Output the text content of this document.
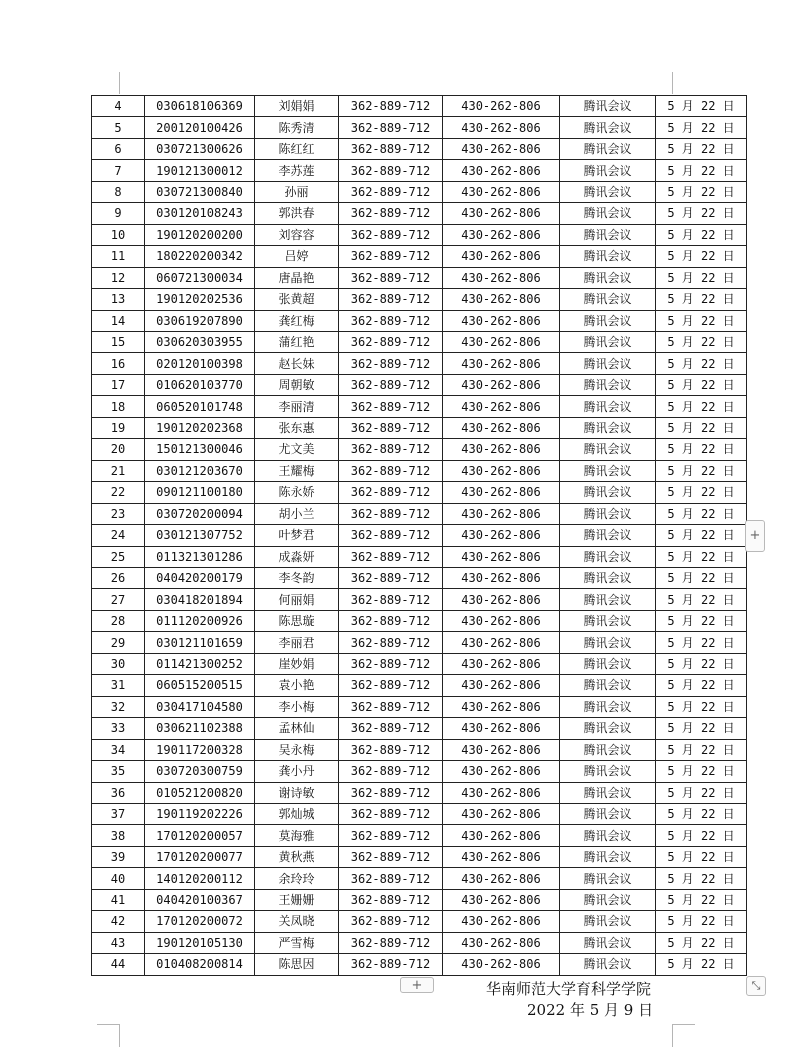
4	030618106369	刘娟娟	362-889-712	430-262-806	腾讯会议	5 月 22 日
5	200120100426	陈秀清	362-889-712	430-262-806	腾讯会议	5 月 22 日
6	030721300626	陈红红	362-889-712	430-262-806	腾讯会议	5 月 22 日
7	190121300012	李苏莲	362-889-712	430-262-806	腾讯会议	5 月 22 日
8	030721300840	孙丽	362-889-712	430-262-806	腾讯会议	5 月 22 日
9	030120108243	郭洪春	362-889-712	430-262-806	腾讯会议	5 月 22 日
10	190120200200	刘容容	362-889-712	430-262-806	腾讯会议	5 月 22 日
11	180220200342	吕婷	362-889-712	430-262-806	腾讯会议	5 月 22 日
12	060721300034	唐晶艳	362-889-712	430-262-806	腾讯会议	5 月 22 日
13	190120202536	张黄超	362-889-712	430-262-806	腾讯会议	5 月 22 日
14	030619207890	龚红梅	362-889-712	430-262-806	腾讯会议	5 月 22 日
15	030620303955	蒲红艳	362-889-712	430-262-806	腾讯会议	5 月 22 日
16	020120100398	赵长妹	362-889-712	430-262-806	腾讯会议	5 月 22 日
17	010620103770	周朝敏	362-889-712	430-262-806	腾讯会议	5 月 22 日
18	060520101748	李丽清	362-889-712	430-262-806	腾讯会议	5 月 22 日
19	190120202368	张东惠	362-889-712	430-262-806	腾讯会议	5 月 22 日
20	150121300046	尤文美	362-889-712	430-262-806	腾讯会议	5 月 22 日
21	030121203670	王耀梅	362-889-712	430-262-806	腾讯会议	5 月 22 日
22	090121100180	陈永娇	362-889-712	430-262-806	腾讯会议	5 月 22 日
23	030720200094	胡小兰	362-889-712	430-262-806	腾讯会议	5 月 22 日
24	030121307752	叶梦君	362-889-712	430-262-806	腾讯会议	5 月 22 日
25	011321301286	成淼妍	362-889-712	430-262-806	腾讯会议	5 月 22 日
26	040420200179	李冬韵	362-889-712	430-262-806	腾讯会议	5 月 22 日
27	030418201894	何丽娟	362-889-712	430-262-806	腾讯会议	5 月 22 日
28	011120200926	陈思璇	362-889-712	430-262-806	腾讯会议	5 月 22 日
29	030121101659	李丽君	362-889-712	430-262-806	腾讯会议	5 月 22 日
30	011421300252	崖妙娟	362-889-712	430-262-806	腾讯会议	5 月 22 日
31	060515200515	袁小艳	362-889-712	430-262-806	腾讯会议	5 月 22 日
32	030417104580	李小梅	362-889-712	430-262-806	腾讯会议	5 月 22 日
33	030621102388	孟林仙	362-889-712	430-262-806	腾讯会议	5 月 22 日
34	190117200328	吴永梅	362-889-712	430-262-806	腾讯会议	5 月 22 日
35	030720300759	龚小丹	362-889-712	430-262-806	腾讯会议	5 月 22 日
36	010521200820	谢诗敏	362-889-712	430-262-806	腾讯会议	5 月 22 日
37	190119202226	郭灿城	362-889-712	430-262-806	腾讯会议	5 月 22 日
38	170120200057	莫海雅	362-889-712	430-262-806	腾讯会议	5 月 22 日
39	170120200077	黄秋燕	362-889-712	430-262-806	腾讯会议	5 月 22 日
40	140120200112	余玲玲	362-889-712	430-262-806	腾讯会议	5 月 22 日
41	040420100367	王姗姗	362-889-712	430-262-806	腾讯会议	5 月 22 日
42	170120200072	关凤晓	362-889-712	430-262-806	腾讯会议	5 月 22 日
43	190120105130	严雪梅	362-889-712	430-262-806	腾讯会议	5 月 22 日
44	010408200814	陈思因	362-889-712	430-262-806	腾讯会议	5 月 22 日
+
+
⤡
华南师范大学育科学学院
2022 年 5 月 9 日
